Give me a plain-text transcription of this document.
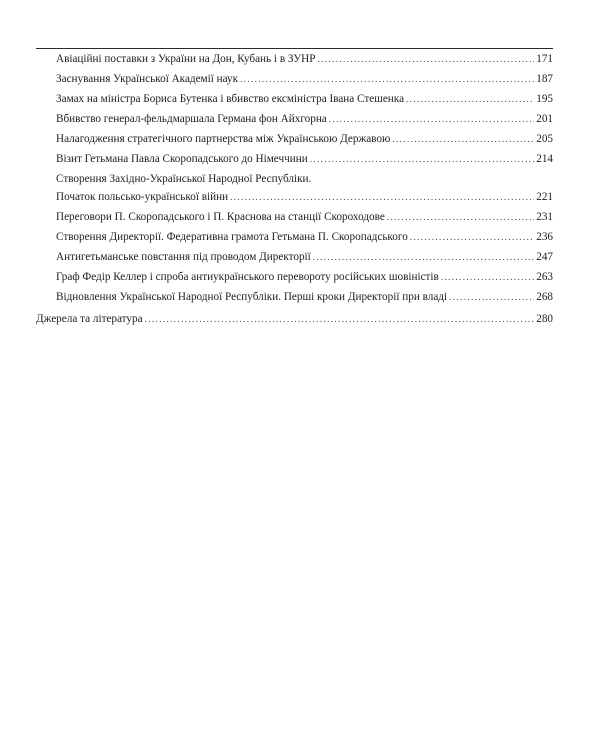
Авіаційні поставки з України на Дон, Кубань і в ЗУНР .....	171
Заснування Української Академії наук .....	187
Замах на міністра Бориса Бутенка і вбивство ексміністра Івана Стешенка .....	195
Вбивство генерал-фельдмаршала Германа фон Айхгорна .....	201
Налагодження стратегічного партнерства між Українською Державою .....	205
Візит Гетьмана Павла Скоропадського до Німеччини .....	214
Створення Західно-Української Народної Республіки.
Початок польсько-української війни .....	221
Переговори П. Скоропадського і П. Краснова на станції Скороходове .....	231
Створення Директорії. Федеративна грамота Гетьмана П. Скоропадського .....	236
Антигетьманське повстання під проводом Директорії .....	247
Граф Федір Келлер і спроба антиукраїнського перевороту російських шовіністів .....	263
Відновлення Української Народної Республіки. Перші кроки Директорії при владі .....	268
Джерела та література .....	280
